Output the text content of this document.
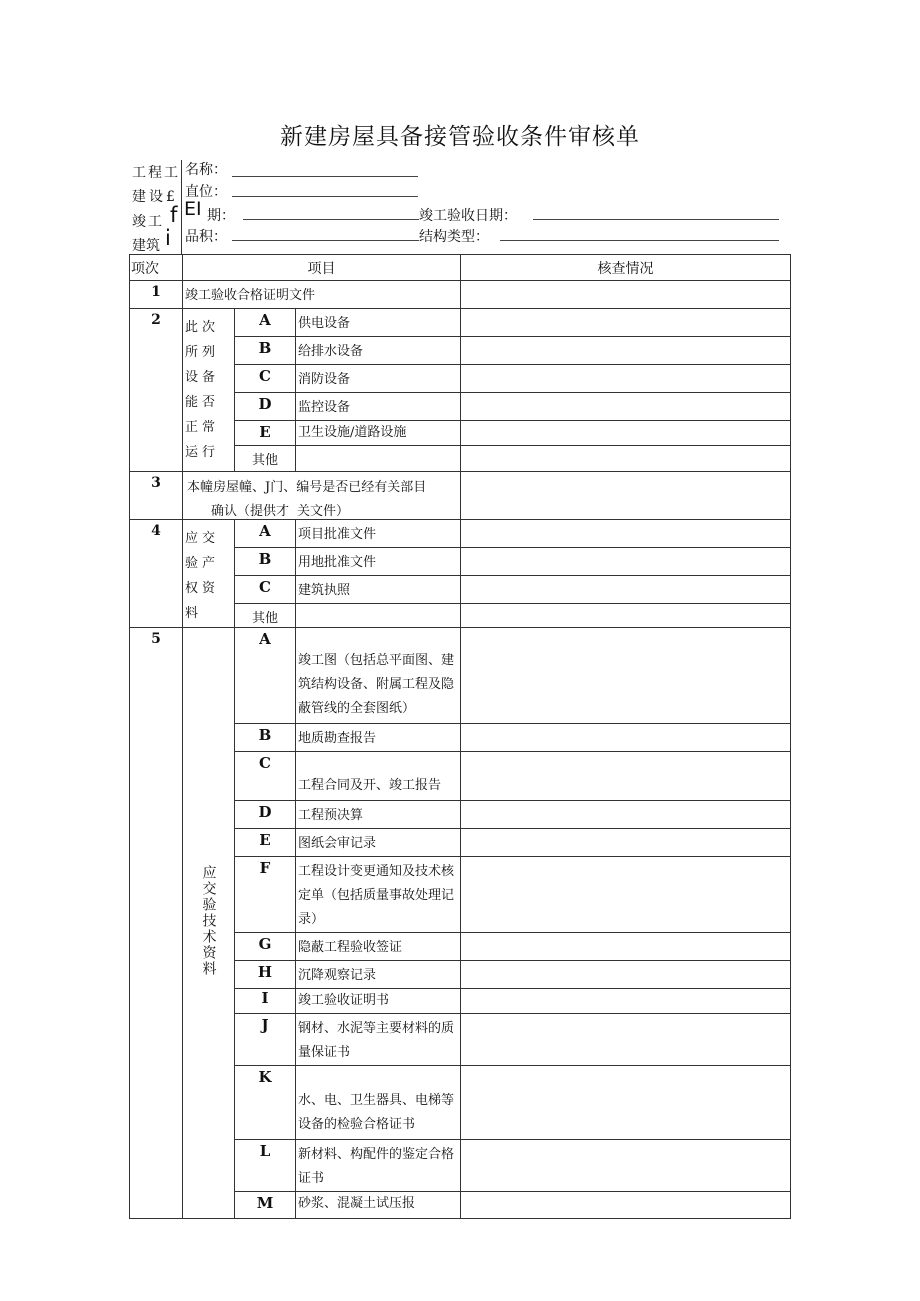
新建房屋具备接管验收条件审核单
工程工
建设£
竣工 f
建筑 i
名称：
直位：
EI 期：	竣工验收日期：
品积：	结构类型：
项次	项目			核查情况
1	竣工验收合格证明文件			
2	此次所列设备能否正常运行	A	供电设备	
		B	给排水设备	
		C	消防设备	
		D	监控设备	
		E	卫生设施/道路设施	
		其他		
3	本幢房屋幢、J门、编号是否已经有关部目
确认（提供才 关文件）			

4	应交验产权资料	A	项目批准文件	
		B	用地批准文件	
		C	建筑执照	
		其他		
5	应交验技术资料	A	竣工图（包括总平面图、建筑结构设备、附属工程及隐蔽管线的全套图纸）	
		B	地质勘查报告	
		C	工程合同及开、竣工报告	
		D	工程预决算	
		E	图纸会审记录	
		F	工程设计变更通知及技术核定单（包括质量事故处理记录）	
		G	隐蔽工程验收签证	
		H	沉降观察记录	
		I	竣工验收证明书	
		J	钢材、水泥等主要材料的质量保证书	
		K	水、电、卫生器具、电梯等设备的检验合格证书	
		L	新材料、构配件的鉴定合格证书	
		M	砂浆、混凝土试压报	
